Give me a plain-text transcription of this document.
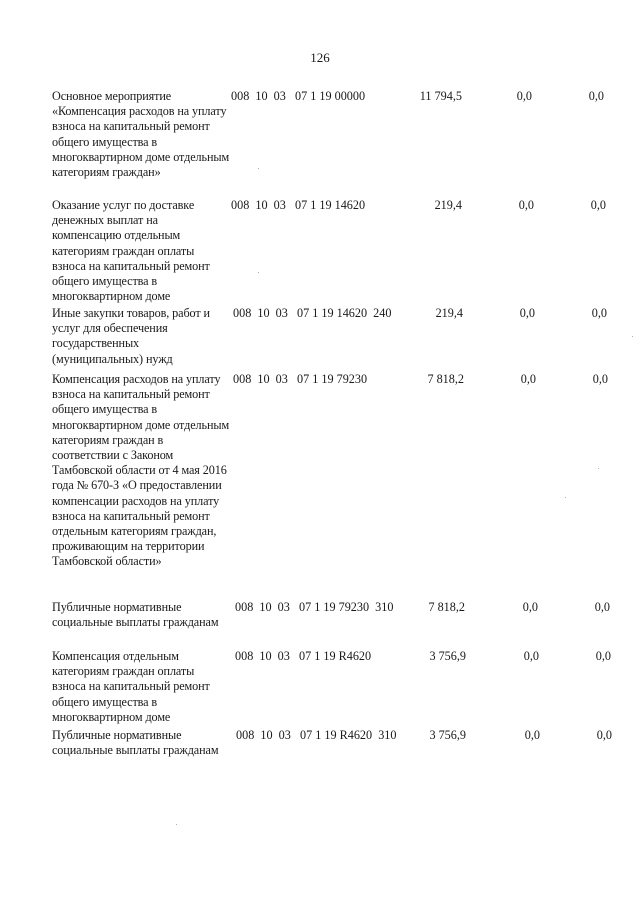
126
Основное мероприятие «Компенсация расходов на уплату взноса на капитальный ремонт общего имущества в многоквартирном доме отдельным категориям граждан»
008  10  03   07 1 19 00000	11 794,5	0,0	0,0
Оказание услуг по доставке денежных выплат на компенсацию отдельным категориям граждан оплаты взноса на капитальный ремонт общего имущества в многоквартирном доме
008  10  03   07 1 19 14620	219,4	0,0	0,0
Иные закупки товаров, работ и услуг для обеспечения государственных (муниципальных) нужд
008  10  03   07 1 19 14620  240	219,4	0,0	0,0
Компенсация расходов на уплату взноса на капитальный ремонт общего имущества в многоквартирном доме отдельным категориям граждан в соответствии с Законом Тамбовской области от 4 мая 2016 года № 670-З «О предоставлении компенсации расходов на уплату взноса на капитальный ремонт отдельным категориям граждан, проживающим на территории Тамбовской области»
008  10  03   07 1 19 79230	7 818,2	0,0	0,0
Публичные нормативные социальные выплаты гражданам
008  10  03   07 1 19 79230  310	7 818,2	0,0	0,0
Компенсация отдельным категориям граждан оплаты взноса на капитальный ремонт общего имущества в многоквартирном доме
008  10  03   07 1 19 R4620	3 756,9	0,0	0,0
Публичные нормативные социальные выплаты гражданам
008  10  03   07 1 19 R4620  310	3 756,9	0,0	0,0
